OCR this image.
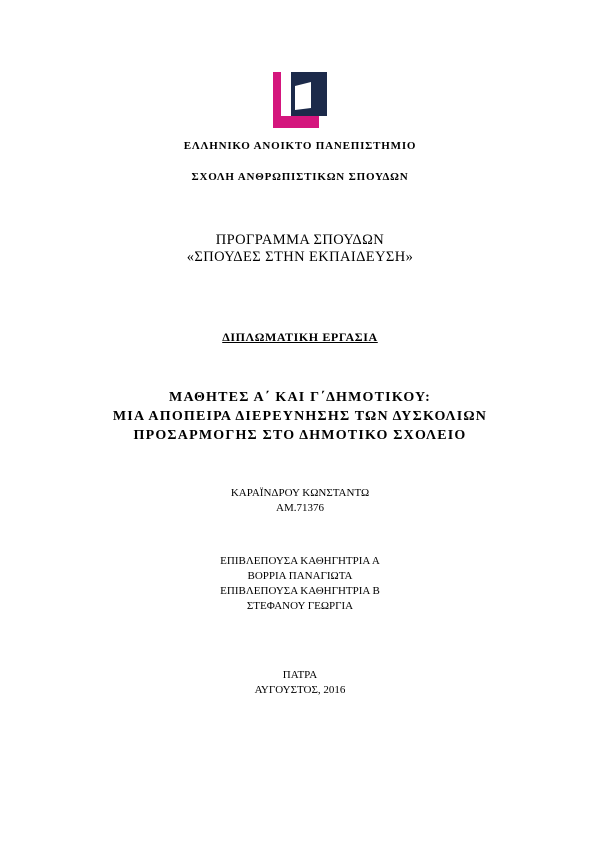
ΕΛΛΗΝΙΚΟ ΑΝΟΙΚΤΟ ΠΑΝΕΠΙΣΤΗΜΙΟ
ΣΧΟΛΗ ΑΝΘΡΩΠΙΣΤΙΚΩΝ ΣΠΟΥΔΩΝ
ΠΡΟΓΡΑΜΜΑ ΣΠΟΥΔΩΝ
«ΣΠΟΥΔΕΣ ΣΤΗΝ ΕΚΠΑΙΔΕΥΣΗ»
ΔΙΠΛΩΜΑΤΙΚΗ ΕΡΓΑΣΙΑ
ΜΑΘΗΤΕΣ Α΄ ΚΑΙ Γ΄ΔΗΜΟΤΙΚΟΥ:
ΜΙΑ ΑΠΟΠΕΙΡΑ ΔΙΕΡΕΥΝΗΣΗΣ ΤΩΝ ΔΥΣΚΟΛΙΩΝ
ΠΡΟΣΑΡΜΟΓΗΣ ΣΤΟ ΔΗΜΟΤΙΚΟ ΣΧΟΛΕΙΟ
ΚΑΡΑΪΝΔΡΟΥ ΚΩΝΣΤΑΝΤΩ
ΑΜ.71376
ΕΠΙΒΛΕΠΟΥΣΑ ΚΑΘΗΓΗΤΡΙΑ Α
ΒΟΡΡΙΑ ΠΑΝΑΓΙΩΤΑ
ΕΠΙΒΛΕΠΟΥΣΑ ΚΑΘΗΓΗΤΡΙΑ Β
ΣΤΕΦΑΝΟΥ ΓΕΩΡΓΙΑ
ΠΑΤΡΑ
ΑΥΓΟΥΣΤΟΣ, 2016
